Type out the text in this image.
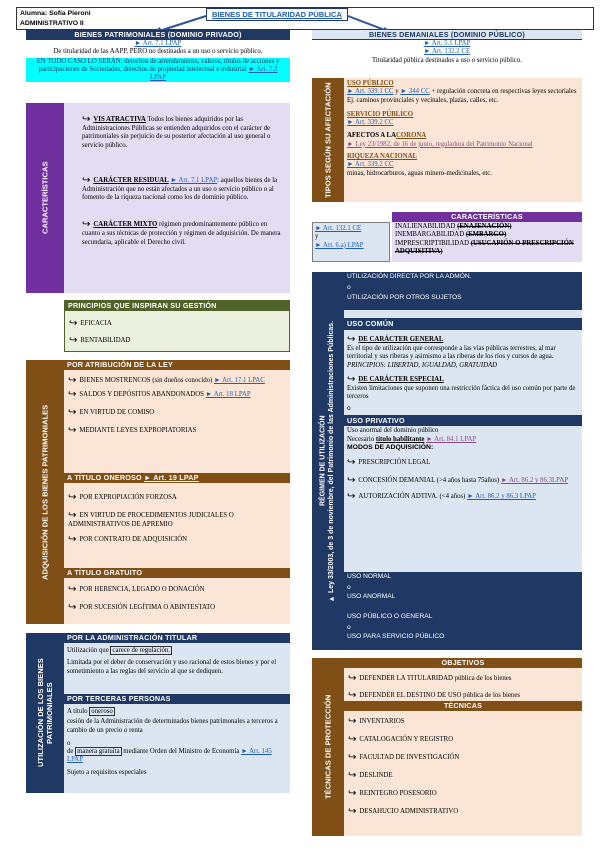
Alumna: Sofía Pieroni
ADMINISTRATIVO II
BIENES DE TITULARIDAD PÚBLICA
BIENES PATRIMONIALES (DOMINIO PRIVADO)
► Art. 7.1 LPAP
De titularidad de las AAPP, PERO no destinados a un uso o servicio público.
EN TODO CASO LO SERÁN: derechos de arrendamiento, valores, títulos de acciones y participaciones de Sociedades, derechos de propiedad intelectual e industrial ► Art. 7.2 LPAP
CARACTERÍSTICAS
↪ VIS ATRACTIVA Todos los bienes adquiridos por las Administraciones Públicas se entienden adquiridos con el carácter de patrimoniales sin perjuicio de su posterior afectación al uso general o servicio público.
↪ CARÁCTER RESIDUAL ► Art. 7.1 LPAP: aquellos bienes de la Administración que no están afectados a un uso o servicio público o al fomento de la riqueza nacional como los de dominio público.
↪ CARÁCTER MIXTO régimen predominantemente público en cuanto a sus técnicas de protección y régimen de adquisición. De manera secundaria, aplicable el Derecho civil.
PRINCIPIOS QUE INSPIRAN SU GESTIÓN
↪ EFICACIA
↪ RENTABILIDAD
ADQUISICIÓN DE LOS BIENES PATRIMONIALES
POR ATRIBUCIÓN DE LA LEY
↪ BIENES MOSTRENCOS (sin dueños conocido) ► Art. 17.1 LPAC
↪ SALDOS Y DEPÓSITOS ABANDONADOS ► Art. 18 LPAP
↪ EN VIRTUD DE COMISO
↪ MEDIANTE LEYES EXPROPIATORIAS
A TÍTULO ONEROSO ► Art. 19 LPAP
↪ POR EXPROPIACIÓN FORZOSA
↪ EN VIRTUD DE PROCEDIMIENTOS JUDICIALES O ADMINISTRATIVOS DE APREMIO
↪ POR CONTRATO DE ADQUISICIÓN
A TÍTULO GRATUITO
↪ POR HERENCIA, LEGADO O DONACIÓN
↪ POR SUCESIÓN LEGÍTIMA O ABINTESTATO
UTILIZACIÓN DE LOS BIENES PATRIMONIALES
POR LA ADMINISTRACIÓN TITULAR
Utilización que carece de regulación.
Limitada por el deber de conservación y uso racional de estos bienes y por el sometimiento a las reglas del servicio al que se dediquen.
POR TERCERAS PERSONAS
A título oneroso
cesión de la Administración de determinados bienes patrimonales a terceros a cambio de un precio o renta
o
de manera gratuita mediante Orden del Ministro de Economía ► Art. 145 LPAP
Sujeto a requisitos especiales
BIENES DEMANIALES (DOMINIO PÚBLICO)
► Art. 5.1 LPAP
► Art. 132.2 CE
Titularidad pública destinados a uso o servicio público.
TIPOS SEGÚN SU AFECTACIÓN	USO PÚBLICO
► Art. 339.1 CC y ► 344 CC + regulación concreta en respectivas leyes sectoriales
Ej. caminos provinciales y vecinales, plazas, calles, etc.
SERVICIO PÚBLICO
► Art. 339.2 CC
AFECTOS A LACORONA
► Ley 23/1982, de 16 de junio, reguladora del Patrimonio Nacional
RIQUEZA NACIONAL
► Art. 339.2 CC
minas, hidrocarburos, aguas minero-medicinales, etc.
► Art. 132.1 CE
y
► Art. 6.a) LPAP
CARACTERÍSTICAS
INALIENABILIDAD (ENAJENACIÓN)
INEMBARGABILIDAD (EMBARGO)
IMPRESCRIPTIBILIDAD (USUCAPIÓN O PRESCRIPCIÓN ADQUISITIVA)
RÉGIMEN DE UTILIZACIÓN ► Ley 33/2003, de 3 de noviembre, del Patrimonio de las Administraciones Públicas.
UTILIZACIÓN DIRECTA POR LA ADMÓN.
o
UTILIZACIÓN POR OTROS SUJETOS
USO COMÚN
↪ DE CARÁCTER GENERAL
Es el tipo de utilización que corresponde a las vías públicas terrestres, al mar territorial y sus riberas y asimismo a las riberas de los ríos y cursos de agua.
PRINCIPIOS: LIBERTAD, IGUALDAD, GRATUIDAD
↪ DE CARÁCTER ESPECIAL
Existen limitaciones que suponen una restricción fáctica del uso común por parte de terceros
o
USO PRIVATIVO
Uso anormal del dominio público
Necesario título habilitante ► Art. 84.1 LPAP
MODOS DE ADQUISICIÓN:
↪ PRESCRIPCIÓN LEGAL
↪ CONCESIÓN DEMANIAL (>4 años hasta 75años) ► Art. 86.2 y 86.3LPAP
↪ AUTORIZACIÓN ADTIVA. (<4 años) ► Art. 86.2 y 86.3 LPAP
USO NORMAL
o
USO ANORMAL
USO PÚBLICO O GENERAL
o
USO PARA SERVICIO PÚBLICO
TÉCNICAS DE PROTECCIÓN
OBJETIVOS
↪ DEFENDER LA TITULARIDAD pública de los bienes
↪ DEFENDER EL DESTINO DE USO pública de los bienes
TÉCNICAS
↪ INVENTARIOS
↪ CATALOGACIÓN Y REGISTRO
↪ FACULTAD DE INVESTIGACIÓN
↪ DESLINDE
↪ REINTEGRO POSESORIO
↪ DESAHUCIO ADMINISTRATIVO
